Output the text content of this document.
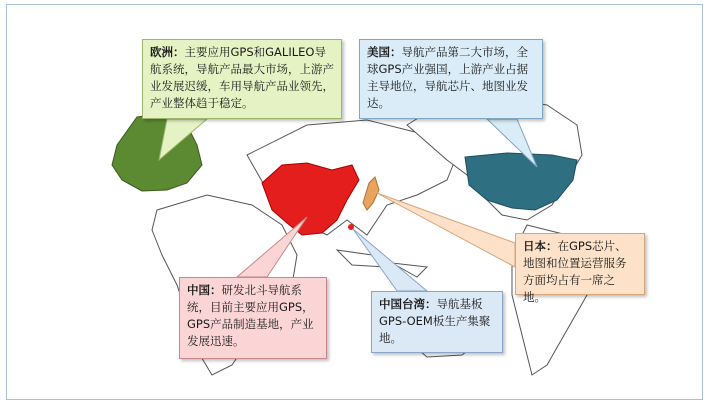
欧洲：主要应用GPS和GALILEO导航系统，导航产品最大市场，上游产业发展迟缓，车用导航产品业领先，产业整体趋于稳定。
美国：导航产品第二大市场，全球GPS产业强国，上游产业占据主导地位，导航芯片、地图业发达。
日本：在GPS芯片、地图和位置运营服务方面均占有一席之地。
中国：研发北斗导航系统，目前主要应用GPS，GPS产品制造基地，产业发展迅速。
中国台湾：导航基板GPS-OEM板生产集聚地。
